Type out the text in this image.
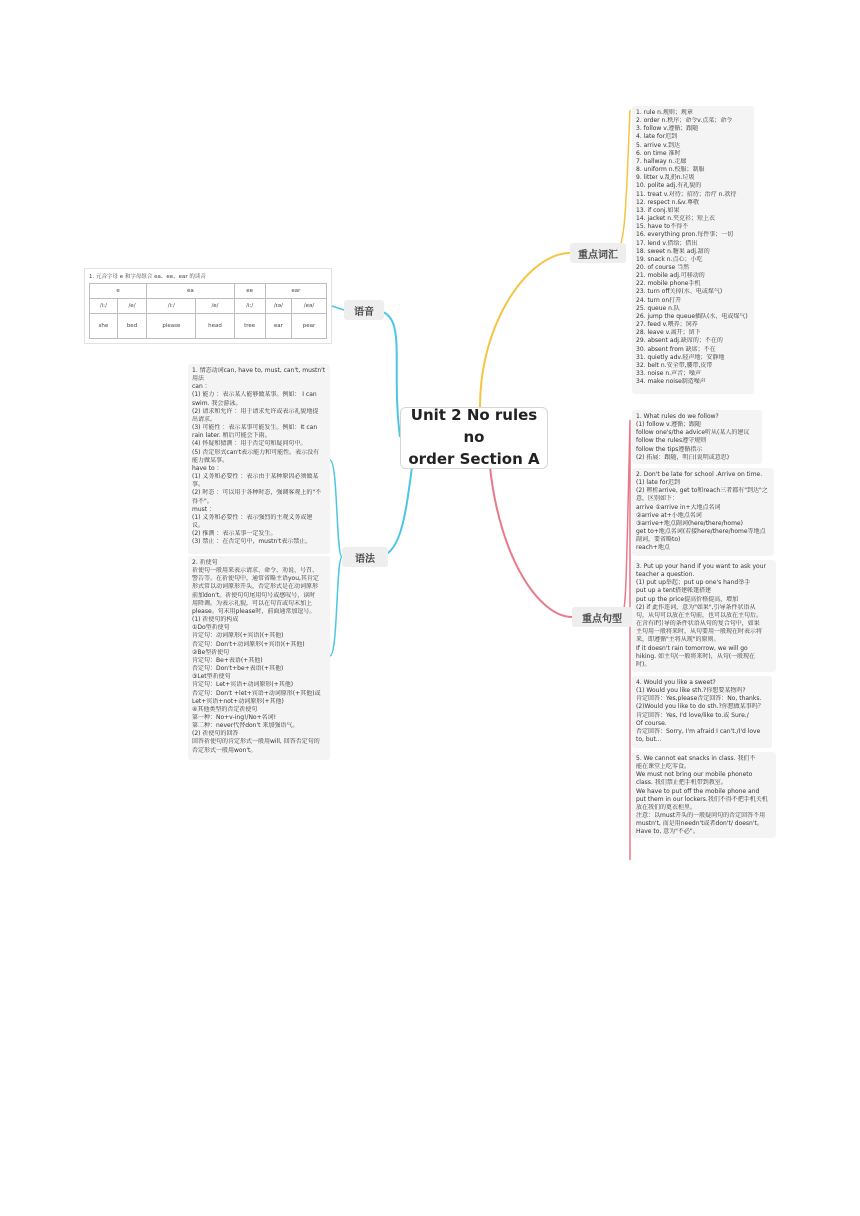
Unit 2 No rules no
order Section A
重点词汇
重点句型
语音
语法
1. 元音字母 e 和字母组合 ea、ee、ear 的读音
e		ea		ee	ear	
/iː/	/e/	/iː/	/e/	/iː/	/ɪə/	/eə/
she	bed	please	head	tree	ear	pear
1. rule n.规则；规章
2. order n.秩序；命令v.点菜；命令
3. follow v.遵循；跟随
4. late for迟到
5. arrive v.到达
6. on time 准时
7. hallway n.走廊
8. uniform n.校服；制服
9. litter v.乱扔n.垃圾
10. polite adj.有礼貌的
11. treat v.对待；招待；治疗 n.款待
12. respect n.&v.尊敬
13. if conj.如果
14. jacket n.夹克衫；短上衣
15. have to不得不
16. everything pron.每件事；一切
17. lend v.借给；借出
18. sweet n.糖果 adj.甜的
19. snack n.点心；小吃
20. of course 当然
21. mobile adj.可移动的
22. mobile phone手机
23. turn off关掉(水、电或煤气)
24. turn on打开
25. queue n.队
26. jump the queue插队(水、电或煤气)
27. feed v.喂养；饲养
28. leave v.离开；留下
29. absent adj.缺席的；不在的
30. absent from 缺席；不在
31. quietly adv.轻声地；安静地
32. belt n.安全带,腰带,皮带
33. noise n.声音；噪声
34. make noise制造噪声
1. 情态动词can, have to, must, can't, mustn't
用法
can ：
(1) 能力 ：表示某人能够做某事。例如： I can
swim. 我会游泳。
(2) 请求和允许 ：用于请求允许或表示礼貌地提
出请求。
(3) 可能性 ：表示某事可能发生。例如：It can
rain later. 稍后可能会下雨。
(4) 怀疑和猜测 ：用于否定句和疑问句中。
(5) 否定形式can't表示能力和可能性。表示没有
能力做某事。
have to ：
(1) 义务和必要性 ：表示由于某种原因必须做某
事。
(2) 时态 ：可以用于各种时态，强调客观上的"不
得不"。
must ：
(1) 义务和必要性 ：表示强烈的主观义务或建
议。
(2) 推测 ：表示某事一定发生。
(3) 禁止 ：在否定句中，mustn't表示禁止。
2. 祈使句
祈使句一般用来表示请求、命令、劝说、号召、
警告等。在祈使句中，通常省略主语you,其肯定
形式常以动词原形开头，否定形式是在动词原形
前加don't。祈使句句尾用句号或感叹号，读时
用降调。为表示礼貌，可以在句首或句末加上
please。句末用please时，前面通常加逗号。
(1) 祈使句的构成
①Do型祈使句
肯定句：动词原形(+宾语)(+其他)
否定句：Don't+动词原形(+宾语)(+其他)
②Be型祈使句
肯定句：Be+表语(+其他)
否定句：Don't+be+表语(+其他)
③Let型祈使句
肯定句：Let+宾语+动词原形(+其他)
否定句：Don't +let+宾语+动词原形(+其他)或
Let+宾语+not+动词原形(+其他)
④其他类型的否定祈使句
第一种：No+v-ing!/No+名词!
第二种：never代替don't 来加强语气。
(2) 祈使句的回答
回答祈使句的肯定形式一般用will, 回答否定句的
否定形式一般用won't。
1. What rules do we follow?
(1) follow v.遵循；跟随
follow one's/the advice听从(某人的建议
follow the rules遵守规则
follow the tips遵循指示
(2) 拓展：跟随，明白(说明或意思)
2. Don't be late for school .Arrive on time.
(1) late for迟到
(2) 辨析arrive, get to和reach三者都有"到达"之
意，区别如下：
arrive ①arrive in+大地点名词
②arrive at+小地点名词
③arrive+地点副词(here/there/home)
get to+地点名词(若接here/there/home等地点
副词，要省略to)
reach+地点
3. Put up your hand if you want to ask your
teacher a question.
(1) put up举起；put up one's hand举手
put up a tent搭建帐篷搭建
put up the price提高价格提高，增加
(2) if 此作连词，意为"如果",引导条件状语从
句，从句可以放在主句前，也可以放在主句后。
在含有if引导的条件状语从句的复合句中，如果
主句用一般将来时，从句要用一般现在时表示将
来，即遵循"主将从现"的原则。
If it doesn't rain tomorrow, we will go
hiking. 如主句(一般将来时)，从句(一般现在
时)。
4. Would you like a sweet?
(1) Would you like sth.?你想要某物吗?
肯定回答：Yes,please否定回答：No, thanks.
(2)Would you like to do sth.?你想做某事吗？
肯定回答：Yes, I'd love/like to.或 Sure./
Of course.
否定回答：Sorry, I'm afraid I can't./I'd love
to, but...
5. We cannot eat snacks in class. 我们不
能在课堂上吃零食。
We must not bring our mobile phoneto
class. 我们禁止把手机带到教室。
We have to put off the mobile phone and
put them in our lockers.我们不得不把手机关机
放在我们的更衣柜里。
注意：以must开头的一般疑问句的否定回答不用
mustn't, 而是用needn't或者don't/ doesn't。
Have to, 意为"不必"。
